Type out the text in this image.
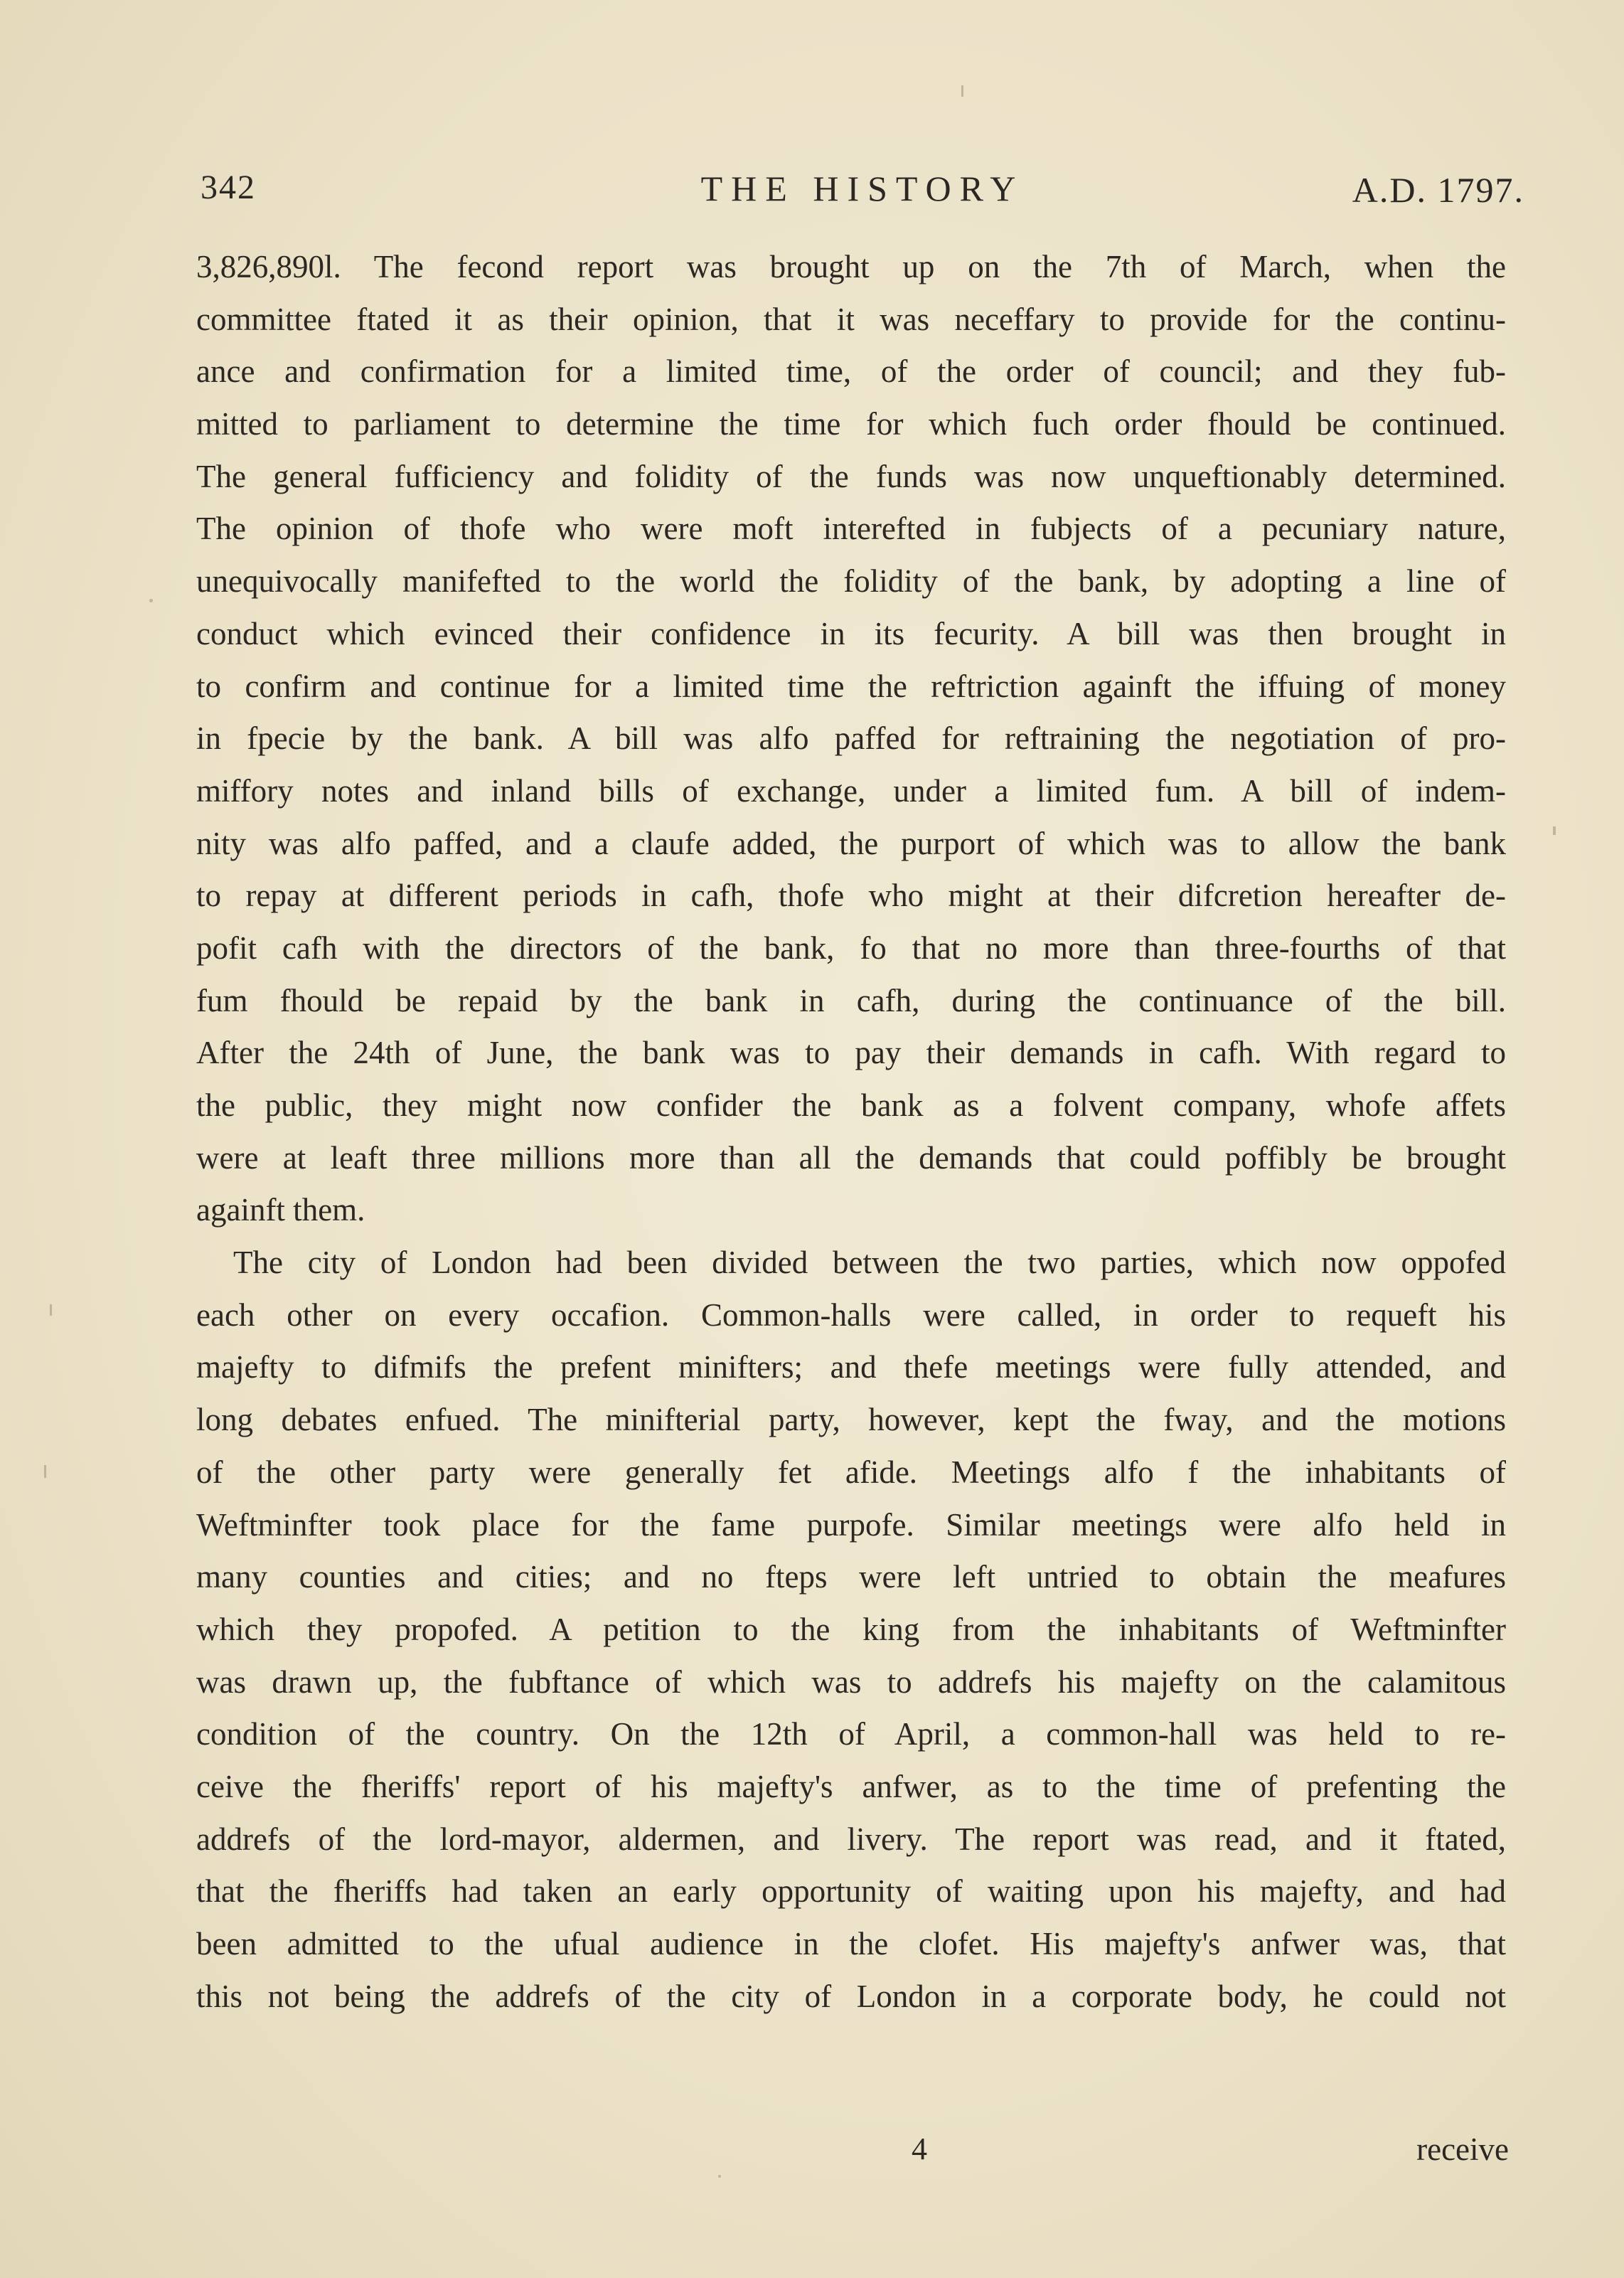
342	THE HISTORY	A.D. 1797.
3,826,890l. The fecond report was brought up on the 7th of March, when the
committee ftated it as their opinion, that it was neceffary to provide for the continu-
ance and confirmation for a limited time, of the order of council; and they fub-
mitted to parliament to determine the time for which fuch order fhould be continued.
The general fufficiency and folidity of the funds was now unqueftionably determined.
The opinion of thofe who were moft interefted in fubjects of a pecuniary nature,
unequivocally manifefted to the world the folidity of the bank, by adopting a line of
conduct which evinced their confidence in its fecurity. A bill was then brought in
to confirm and continue for a limited time the reftriction againft the iffuing of money
in fpecie by the bank. A bill was alfo paffed for reftraining the negotiation of pro-
miffory notes and inland bills of exchange, under a limited fum. A bill of indem-
nity was alfo paffed, and a claufe added, the purport of which was to allow the bank
to repay at different periods in cafh, thofe who might at their difcretion hereafter de-
pofit cafh with the directors of the bank, fo that no more than three-fourths of that
fum fhould be repaid by the bank in cafh, during the continuance of the bill.
After the 24th of June, the bank was to pay their demands in cafh. With regard to
the public, they might now confider the bank as a folvent company, whofe affets
were at leaft three millions more than all the demands that could poffibly be brought
againft them.
The city of London had been divided between the two parties, which now oppofed
each other on every occafion. Common-halls were called, in order to requeft his
majefty to difmifs the prefent minifters; and thefe meetings were fully attended, and
long debates enfued. The minifterial party, however, kept the fway, and the motions
of the other party were generally fet afide. Meetings alfo f the inhabitants of
Weftminfter took place for the fame purpofe. Similar meetings were alfo held in
many counties and cities; and no fteps were left untried to obtain the meafures
which they propofed. A petition to the king from the inhabitants of Weftminfter
was drawn up, the fubftance of which was to addrefs his majefty on the calamitous
condition of the country. On the 12th of April, a common-hall was held to re-
ceive the fheriffs' report of his majefty's anfwer, as to the time of prefenting the
addrefs of the lord-mayor, aldermen, and livery. The report was read, and it ftated,
that the fheriffs had taken an early opportunity of waiting upon his majefty, and had
been admitted to the ufual audience in the clofet. His majefty's anfwer was, that
this not being the addrefs of the city of London in a corporate body, he could not
4	receive
